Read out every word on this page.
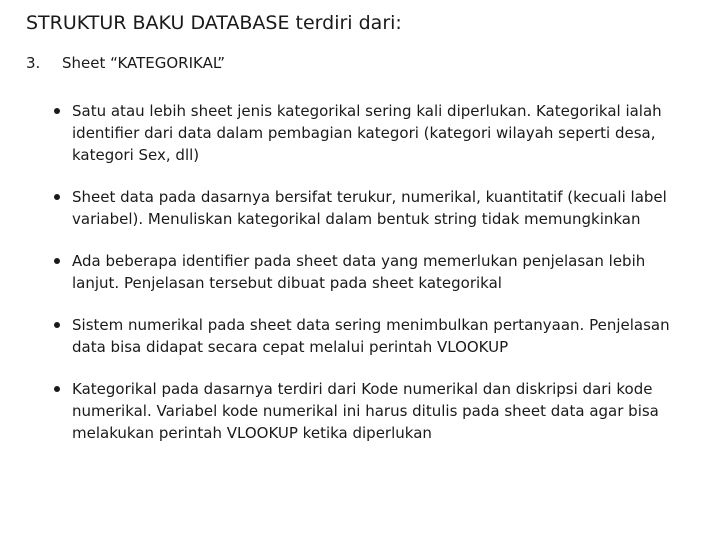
STRUKTUR BAKU DATABASE terdiri dari:
3. Sheet “KATEGORIKAL”
Satu atau lebih sheet jenis kategorikal sering kali diperlukan. Kategorikal ialah identifier dari data dalam pembagian kategori (kategori wilayah seperti desa, kategori Sex, dll)
Sheet data pada dasarnya bersifat terukur, numerikal, kuantitatif (kecuali label variabel). Menuliskan kategorikal dalam bentuk string tidak memungkinkan
Ada beberapa identifier pada sheet data yang memerlukan penjelasan lebih lanjut. Penjelasan tersebut dibuat pada sheet kategorikal
Sistem numerikal pada sheet data sering menimbulkan pertanyaan. Penjelasan data bisa didapat secara cepat melalui perintah VLOOKUP
Kategorikal pada dasarnya terdiri dari Kode numerikal dan diskripsi dari kode numerikal. Variabel kode numerikal ini harus ditulis pada sheet data agar bisa melakukan perintah VLOOKUP ketika diperlukan
